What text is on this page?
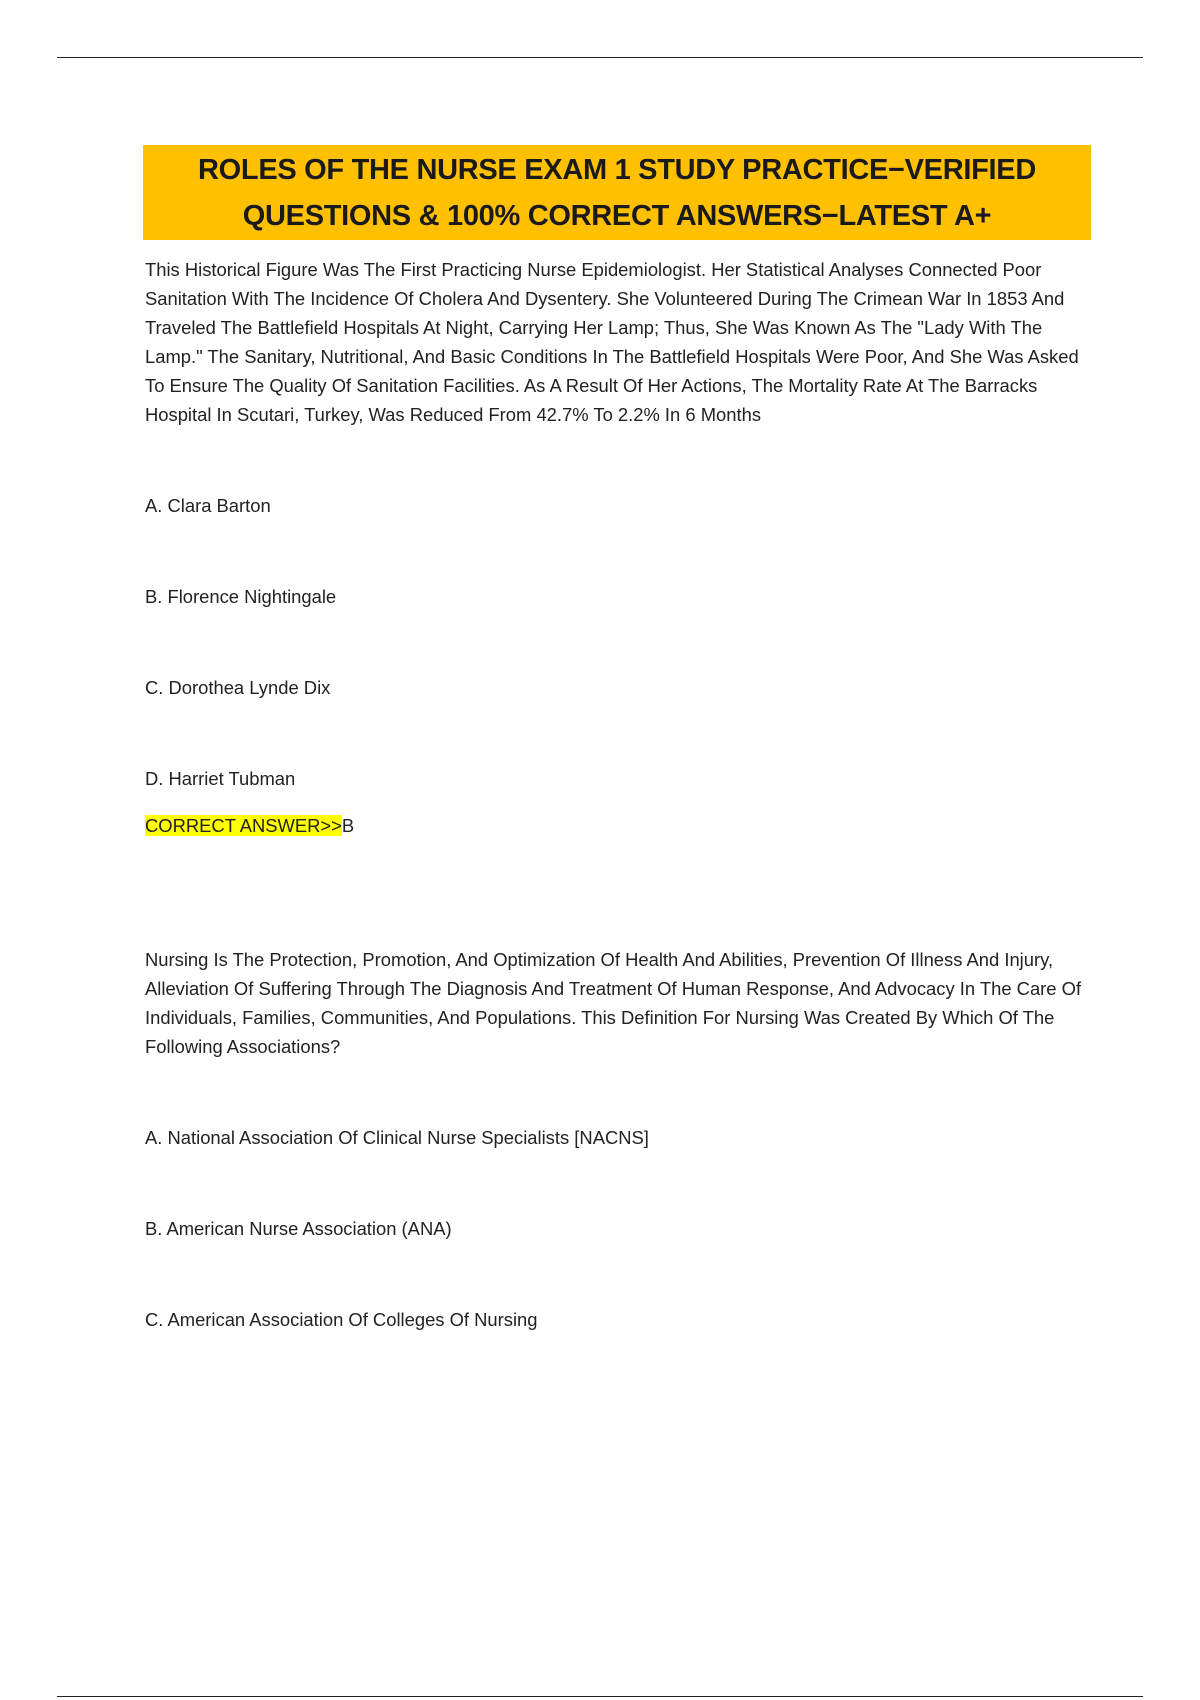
ROLES OF THE NURSE EXAM 1 STUDY PRACTICE−VERIFIED
QUESTIONS & 100% CORRECT ANSWERS−LATEST A+

This Historical Figure Was The First Practicing Nurse Epidemiologist. Her Statistical Analyses Connected Poor Sanitation With The Incidence Of Cholera And Dysentery. She Volunteered During The Crimean War In 1853 And Traveled The Battlefield Hospitals At Night, Carrying Her Lamp; Thus, She Was Known As The "Lady With The Lamp." The Sanitary, Nutritional, And Basic Conditions In The Battlefield Hospitals Were Poor, And She Was Asked To Ensure The Quality Of Sanitation Facilities. As A Result Of Her Actions, The Mortality Rate At The Barracks Hospital In Scutari, Turkey, Was Reduced From 42.7% To 2.2% In 6 Months

A. Clara Barton

B. Florence Nightingale

C. Dorothea Lynde Dix

D. Harriet Tubman

CORRECT ANSWER>>B

Nursing Is The Protection, Promotion, And Optimization Of Health And Abilities, Prevention Of Illness And Injury, Alleviation Of Suffering Through The Diagnosis And Treatment Of Human Response, And Advocacy In The Care Of Individuals, Families, Communities, And Populations. This Definition For Nursing Was Created By Which Of The Following Associations?

A. National Association Of Clinical Nurse Specialists [NACNS]

B. American Nurse Association (ANA)

C. American Association Of Colleges Of Nursing
